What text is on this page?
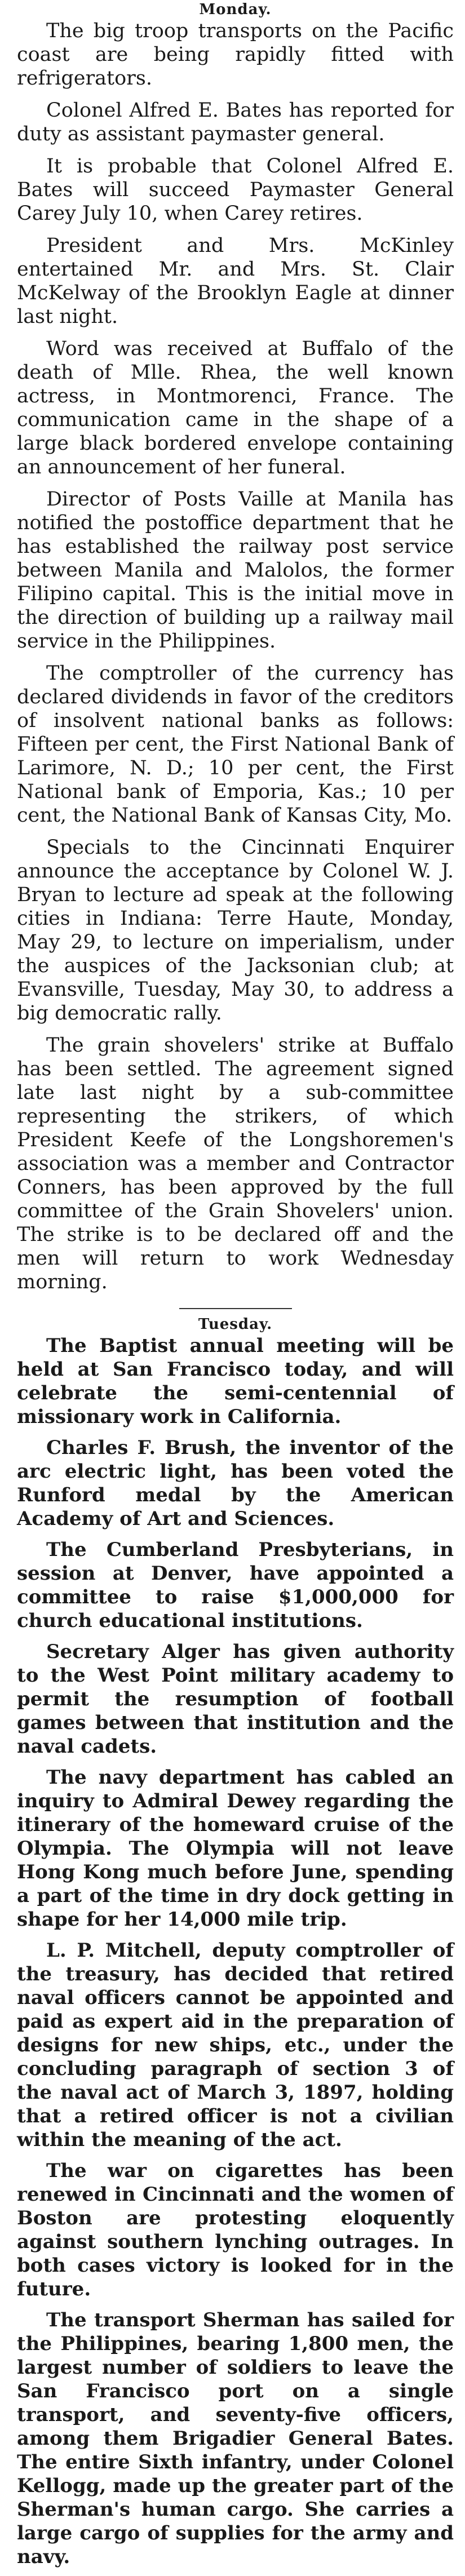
Monday.

The big troop transports on the Pacific coast are being rapidly fitted with refrigerators.

Colonel Alfred E. Bates has reported for duty as assistant paymaster general.

It is probable that Colonel Alfred E. Bates will succeed Paymaster General Carey July 10, when Carey retires.

President and Mrs. McKinley entertained Mr. and Mrs. St. Clair McKelway of the Brooklyn Eagle at dinner last night.

Word was received at Buffalo of the death of Mlle. Rhea, the well known actress, in Montmorenci, France. The communication came in the shape of a large black bordered envelope containing an announcement of her funeral.

Director of Posts Vaille at Manila has notified the postoffice department that he has established the railway post service between Manila and Malolos, the former Filipino capital. This is the initial move in the direction of building up a railway mail service in the Philippines.

The comptroller of the currency has declared dividends in favor of the creditors of insolvent national banks as follows: Fifteen per cent, the First National Bank of Larimore, N. D.; 10 per cent, the First National bank of Emporia, Kas.; 10 per cent, the National Bank of Kansas City, Mo.

Specials to the Cincinnati Enquirer announce the acceptance by Colonel W. J. Bryan to lecture ad speak at the following cities in Indiana: Terre Haute, Monday, May 29, to lecture on imperialism, under the auspices of the Jacksonian club; at Evansville, Tuesday, May 30, to address a big democratic rally.

The grain shovelers' strike at Buffalo has been settled. The agreement signed late last night by a sub-committee representing the strikers, of which President Keefe of the Longshoremen's association was a member and Contractor Conners, has been approved by the full committee of the Grain Shovelers' union. The strike is to be declared off and the men will return to work Wednesday morning.

Tuesday.

The Baptist annual meeting will be held at San Francisco today, and will celebrate the semi-centennial of missionary work in California.

Charles F. Brush, the inventor of the arc electric light, has been voted the Runford medal by the American Academy of Art and Sciences.

The Cumberland Presbyterians, in session at Denver, have appointed a committee to raise $1,000,000 for church educational institutions.

Secretary Alger has given authority to the West Point military academy to permit the resumption of football games between that institution and the naval cadets.

The navy department has cabled an inquiry to Admiral Dewey regarding the itinerary of the homeward cruise of the Olympia. The Olympia will not leave Hong Kong much before June, spending a part of the time in dry dock getting in shape for her 14,000 mile trip.

L. P. Mitchell, deputy comptroller of the treasury, has decided that retired naval officers cannot be appointed and paid as expert aid in the preparation of designs for new ships, etc., under the concluding paragraph of section 3 of the naval act of March 3, 1897, holding that a retired officer is not a civilian within the meaning of the act.

The war on cigarettes has been renewed in Cincinnati and the women of Boston are protesting eloquently against southern lynching outrages. In both cases victory is looked for in the future.

The transport Sherman has sailed for the Philippines, bearing 1,800 men, the largest number of soldiers to leave the San Francisco port on a single transport, and seventy-five officers, among them Brigadier General Bates. The entire Sixth infantry, under Colonel Kellogg, made up the greater part of the Sherman's human cargo. She carries a large cargo of supplies for the army and navy.
